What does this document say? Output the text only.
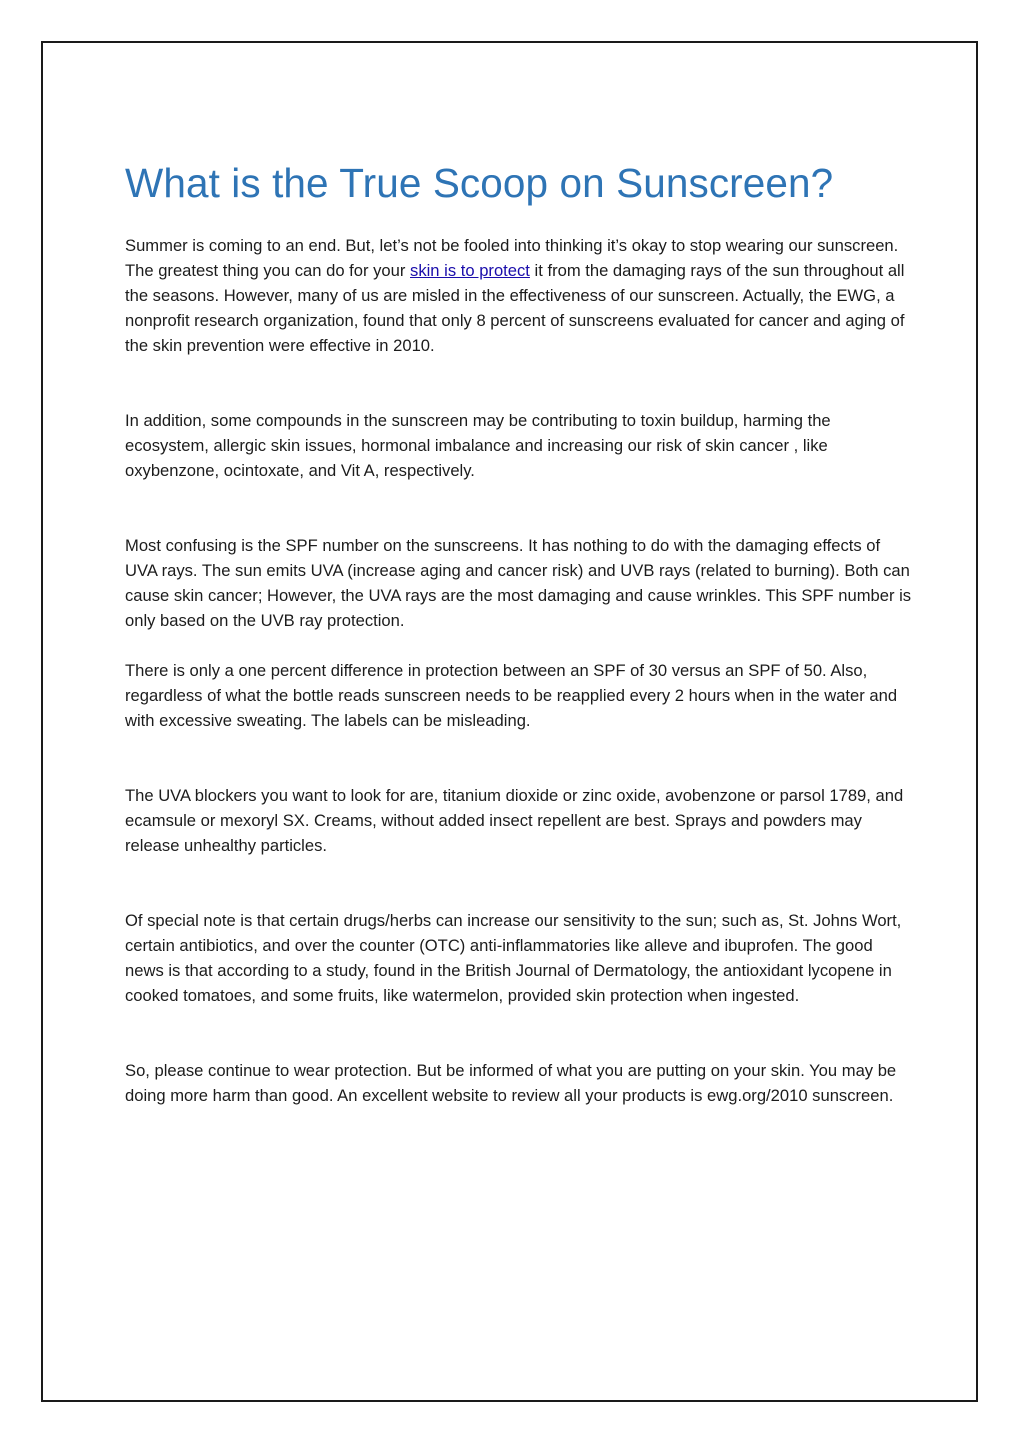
What is the True Scoop on Sunscreen?

Summer is coming to an end. But, let’s not be fooled into thinking it’s okay to stop wearing our sunscreen. The greatest thing you can do for your skin is to protect it from the damaging rays of the sun throughout all the seasons. However, many of us are misled in the effectiveness of our sunscreen. Actually, the EWG, a nonprofit research organization, found that only 8 percent of sunscreens evaluated for cancer and aging of the skin prevention were effective in 2010.

In addition, some compounds in the sunscreen may be contributing to toxin buildup, harming the ecosystem, allergic skin issues, hormonal imbalance and increasing our risk of skin cancer , like oxybenzone, ocintoxate, and Vit A, respectively.

Most confusing is the SPF number on the sunscreens. It has nothing to do with the damaging effects of UVA rays. The sun emits UVA (increase aging and cancer risk) and UVB rays (related to burning). Both can cause skin cancer; However, the UVA rays are the most damaging and cause wrinkles. This SPF number is only based on the UVB ray protection.

There is only a one percent difference in protection between an SPF of 30 versus an SPF of 50. Also, regardless of what the bottle reads sunscreen needs to be reapplied every 2 hours when in the water and with excessive sweating. The labels can be misleading.

The UVA blockers you want to look for are, titanium dioxide or zinc oxide, avobenzone or parsol 1789, and ecamsule or mexoryl SX. Creams, without added insect repellent are best. Sprays and powders may release unhealthy particles.

Of special note is that certain drugs/herbs can increase our sensitivity to the sun; such as, St. Johns Wort, certain antibiotics, and over the counter (OTC) anti-inflammatories like alleve and ibuprofen. The good news is that according to a study, found in the British Journal of Dermatology, the antioxidant lycopene in cooked tomatoes, and some fruits, like watermelon, provided skin protection when ingested.

So, please continue to wear protection. But be informed of what you are putting on your skin. You may be doing more harm than good. An excellent website to review all your products is ewg.org/2010 sunscreen.
